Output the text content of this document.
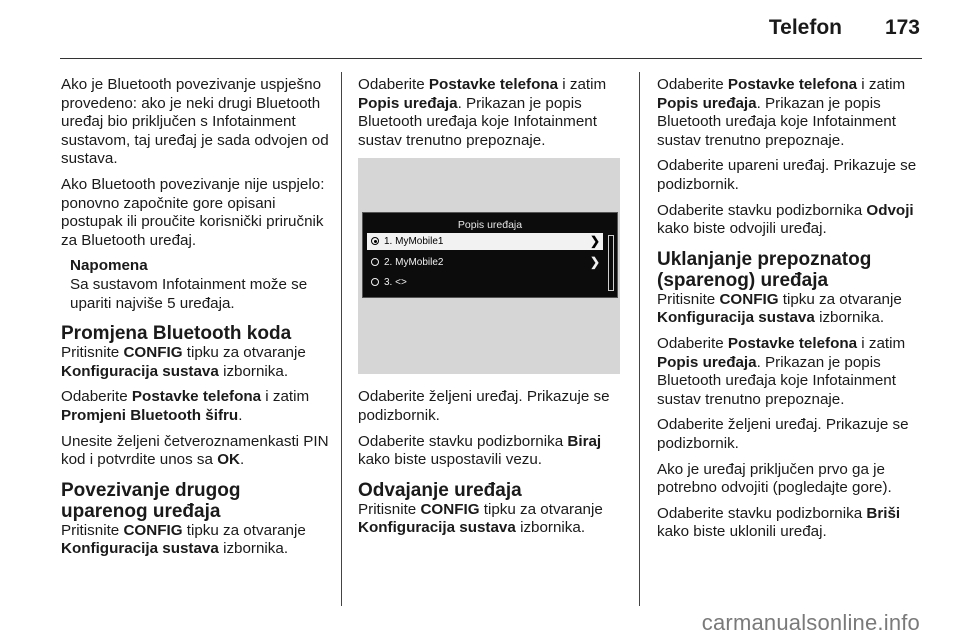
Telefon 173

Ako je Bluetooth povezivanje uspješno provedeno: ako je neki drugi Bluetooth uređaj bio priključen s Infotainment sustavom, taj uređaj je sada odvojen od sustava.

Ako Bluetooth povezivanje nije uspjelo: ponovno započnite gore opisani postupak ili proučite korisnički priručnik za Bluetooth uređaj.

Napomena
Sa sustavom Infotainment može se upariti najviše 5 uređaja.
Promjena Bluetooth koda

Pritisnite CONFIG tipku za otvaranje Konfiguracija sustava izbornika.

Odaberite Postavke telefona i zatim Promjeni Bluetooth šifru.

Unesite željeni četveroznamenkasti PIN kod i potvrdite unos sa OK.

Povezivanje drugog uparenog uređaja

Pritisnite CONFIG tipku za otvaranje Konfiguracija sustava izbornika.

Odaberite Postavke telefona i zatim Popis uređaja. Prikazan je popis Bluetooth uređaja koje Infotainment sustav trenutno prepoznaje.

Popis uređaja
1. MyMobile1	❯
2. MyMobile2	❯
3. <>

Odaberite željeni uređaj. Prikazuje se podizbornik.

Odaberite stavku podizbornika Biraj kako biste uspostavili vezu.

Odvajanje uređaja

Pritisnite CONFIG tipku za otvaranje Konfiguracija sustava izbornika.

Odaberite Postavke telefona i zatim Popis uređaja. Prikazan je popis Bluetooth uređaja koje Infotainment sustav trenutno prepoznaje.

Odaberite upareni uređaj. Prikazuje se podizbornik.

Odaberite stavku podizbornika Odvoji kako biste odvojili uređaj.

Uklanjanje prepoznatog (sparenog) uređaja

Pritisnite CONFIG tipku za otvaranje Konfiguracija sustava izbornika.

Odaberite Postavke telefona i zatim Popis uređaja. Prikazan je popis Bluetooth uređaja koje Infotainment sustav trenutno prepoznaje.

Odaberite željeni uređaj. Prikazuje se podizbornik.

Ako je uređaj priključen prvo ga je potrebno odvojiti (pogledajte gore).

Odaberite stavku podizbornika Briši kako biste uklonili uređaj.

carmanualsonline.info
